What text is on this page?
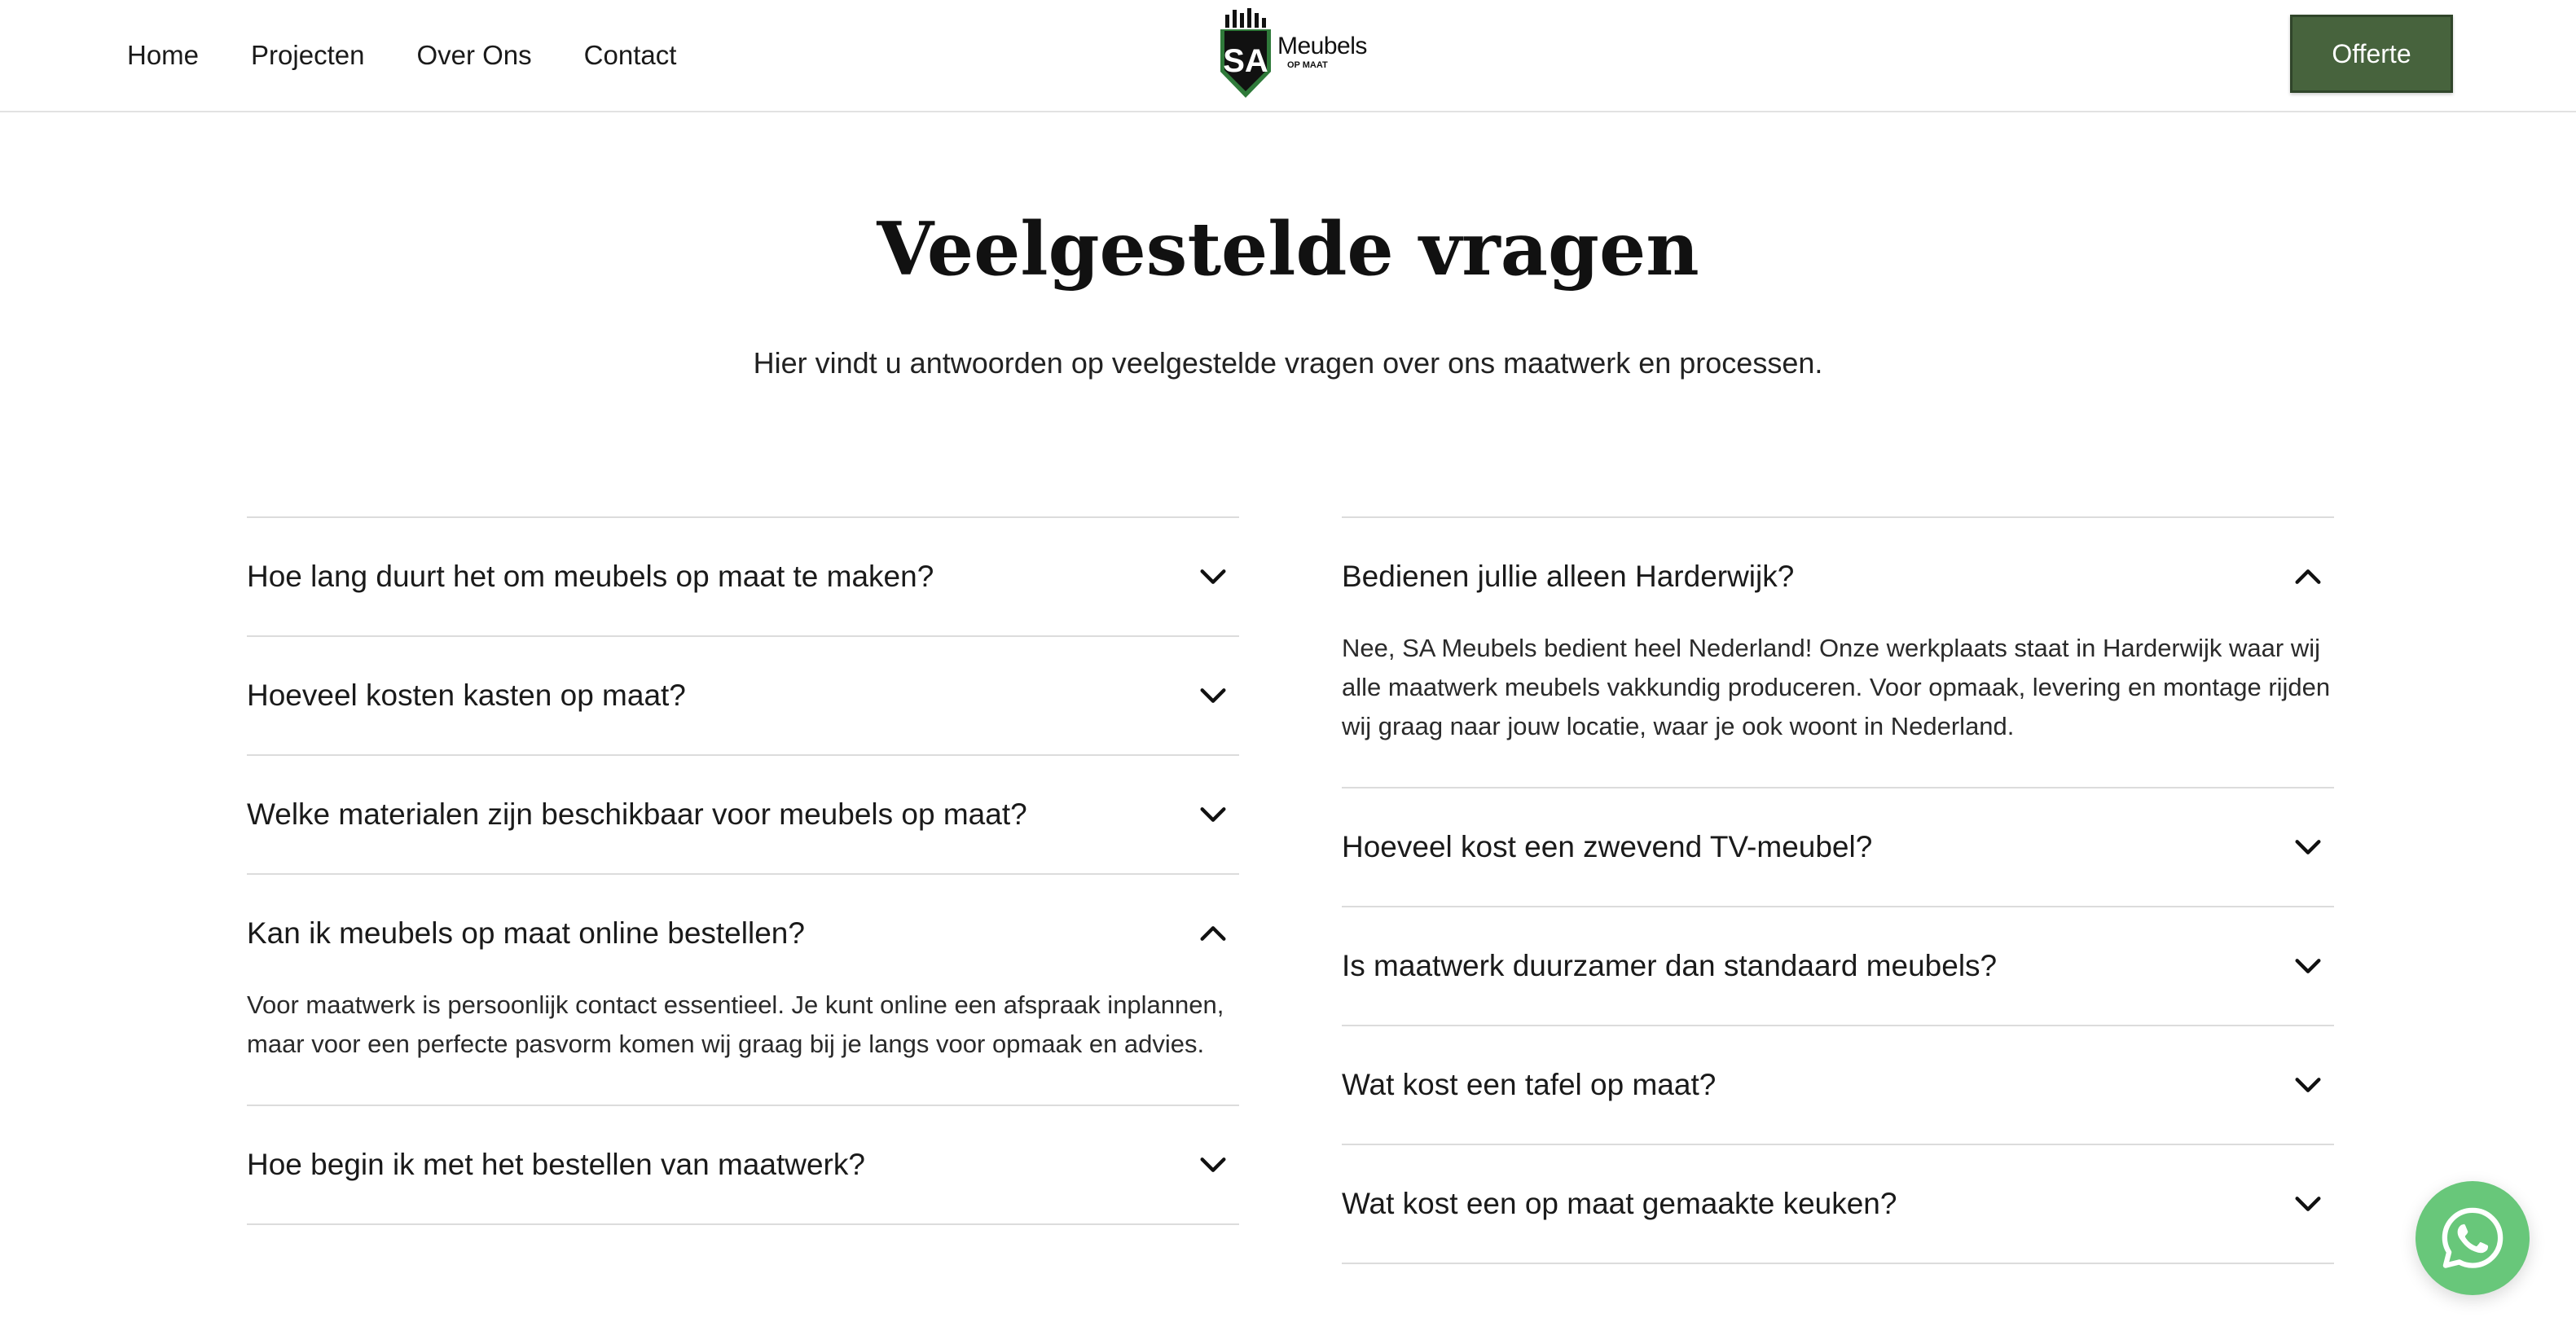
Home Projecten Over Ons Contact	SA Meubels
OP MAAT	Offerte
Veelgestelde vragen

Hier vindt u antwoorden op veelgestelde vragen over ons maatwerk en processen.

Hoe lang duurt het om meubels op maat te maken?
Hoeveel kosten kasten op maat?
Welke materialen zijn beschikbaar voor meubels op maat?
Kan ik meubels op maat online bestellen?
Voor maatwerk is persoonlijk contact essentieel. Je kunt online een afspraak inplannen, maar voor een perfecte pasvorm komen wij graag bij je langs voor opmaak en advies.
Hoe begin ik met het bestellen van maatwerk?
Bedienen jullie alleen Harderwijk?
Nee, SA Meubels bedient heel Nederland! Onze werkplaats staat in Harderwijk waar wij alle maatwerk meubels vakkundig produceren. Voor opmaak, levering en montage rijden wij graag naar jouw locatie, waar je ook woont in Nederland.
Hoeveel kost een zwevend TV-meubel?
Is maatwerk duurzamer dan standaard meubels?
Wat kost een tafel op maat?
Wat kost een op maat gemaakte keuken?
